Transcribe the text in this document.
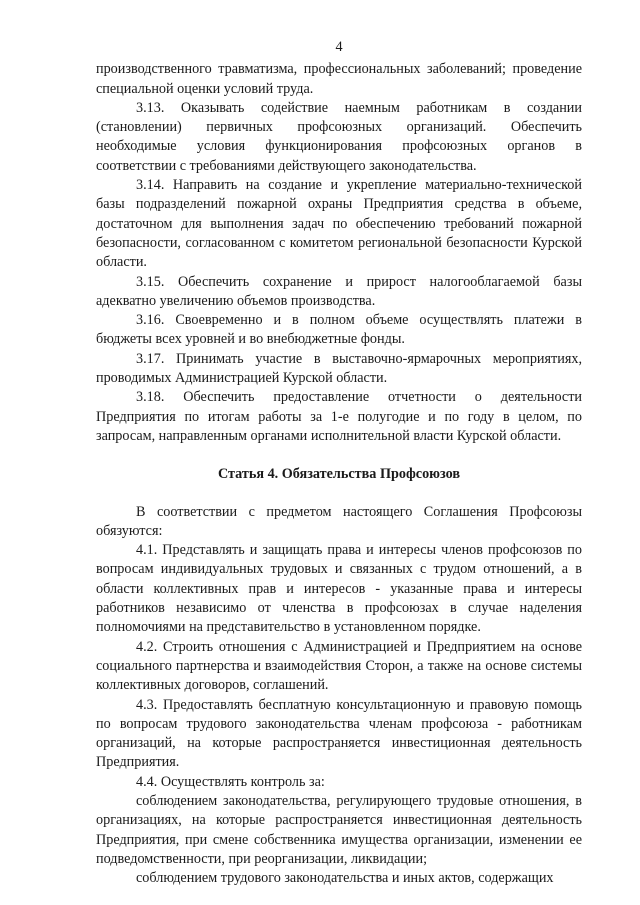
4

производственного травматизма, профессиональных заболеваний; проведение специальной оценки условий труда.

3.13. Оказывать содействие наемным работникам в создании (становлении) первичных профсоюзных организаций. Обеспечить необходимые условия функционирования профсоюзных органов в соответствии с требованиями действующего законодательства.

3.14. Направить на создание и укрепление материально-технической базы подразделений пожарной охраны Предприятия средства в объеме, достаточном для выполнения задач по обеспечению требований пожарной безопасности, согласованном с комитетом региональной безопасности Курской области.

3.15. Обеспечить сохранение и прирост налогооблагаемой базы адекватно увеличению объемов производства.

3.16. Своевременно и в полном объеме осуществлять платежи в бюджеты всех уровней и во внебюджетные фонды.

3.17. Принимать участие в выставочно-ярмарочных мероприятиях, проводимых Администрацией Курской области.

3.18. Обеспечить предоставление отчетности о деятельности Предприятия по итогам работы за 1-е полугодие и по году в целом, по запросам, направленным органами исполнительной власти Курской области.

Статья 4. Обязательства Профсоюзов

В соответствии с предметом настоящего Соглашения Профсоюзы обязуются:

4.1. Представлять и защищать права и интересы членов профсоюзов по вопросам индивидуальных трудовых и связанных с трудом отношений, а в области коллективных прав и интересов - указанные права и интересы работников независимо от членства в профсоюзах в случае наделения полномочиями на представительство в установленном порядке.

4.2. Строить отношения с Администрацией и Предприятием на основе социального партнерства и взаимодействия Сторон, а также на основе системы коллективных договоров, соглашений.

4.3. Предоставлять бесплатную консультационную и правовую помощь по вопросам трудового законодательства членам профсоюза - работникам организаций, на которые распространяется инвестиционная деятельность Предприятия.

4.4. Осуществлять контроль за:

соблюдением законодательства, регулирующего трудовые отношения, в организациях, на которые распространяется инвестиционная деятельность Предприятия, при смене собственника имущества организации, изменении ее подведомственности, при реорганизации, ликвидации;

соблюдением трудового законодательства и иных актов, содержащих
